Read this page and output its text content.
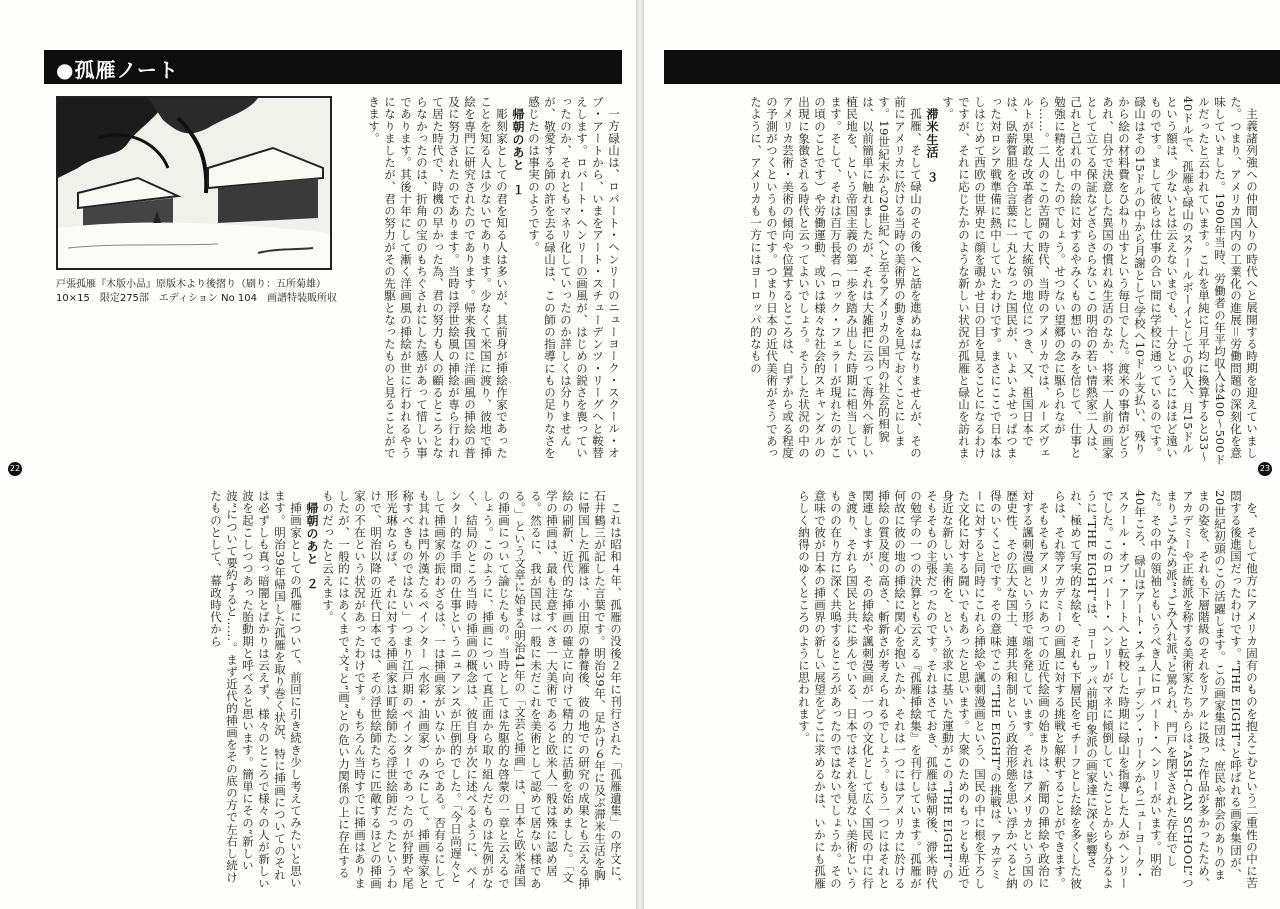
●孤雁ノート
戸張孤雁『木版小品』原版木より後摺り（刷り：五所菊雄）
10×15　限定275部　エディション No 104　画譜特装販所収	一方碌山は、ロバート・ヘンリーのニューヨーク・スクール・オブ・アートから、いまをアート・スチューデンツ・リーグへと鞍替えします。ロバート・ヘンリーの画風が、はじめの鋭さを喪っていったのか、それともマネリ化していったのか詳しくは分りませんが、敬愛する師の許を去る碌山は、この師の指導にもの足りなさを感じたのは事実のようです。

帰朝のあと　１

彫刻家としての君を知る人は多いが、其前身が挿絵作家であったことを知る人は少ないであります。少なくて米国に渡り、彼地で挿絵を専門に研究されたのであります。帰来我国に洋画風の挿絵の普及に努力されたのであります。当時は浮世絵風の挿絵が専ら行われて居た時代で、時機の早かった為、君の努力も人の顧るところとならなかったのは、折角の宝のもちぐされにした感があって惜しい事であります。其後十年にして漸く洋画風の挿絵が世に行われるやうになりましたが、君の努力がその先駆となったものと見ることができます。

22

これは昭和４年、孤雁の没後２年に刊行された「孤雁遺集」の序文に、石井鶴三が記した言葉です。明治39年、足かけ６年に及ぶ滞米生活を胸に帰国した孤雁は、小田原の静養後、彼の地での研究の成果とも云える挿絵の刷新、近代的な挿画の確立に向けて精力的に活動を始めました。「文学の挿画は、最も注意すべき一大美術であると欧米人一般は殊に認め居る。然るに、我が国民は一般に未だこれを美術として認めて居ない様である。」という文章に始まる明治41年の「文芸と挿画」は、日本と欧米諸国の挿画について論じたもの。当時としては先駆的な啓蒙の一章と云えるでしょう。このように、挿画について真正面から取り組んだものは先例がなく、結局のところ当時の挿画の概念は、彼自身が次に述べるように、ペインター的な手間の仕事というニュアンスが圧倒的でした。「今日尚遅々として挿画家の振わざるは、一は挿画家がいないからである。否有るにしても其れは門外漢たるペインター（水彩・油画家）のみにして、挿画専家と称すべきものではない」つまり江戸期のペインターであったのが狩野や尾形光琳ならば、それに対する挿画家は町絵師たる浮世絵師だったというわけで、明治以降の近代日本では、その浮世絵師たちに匹敵するほどの挿画家の不在という状況があったわけです。もちろん当時すでに挿画はありましたが、一般的にはあくまで“文”と“画”との危い力関係の上に存在するものだったと云えます。

帰朝のあと　２

挿画家としての孤雁について、前回に引き続き少し考えてみたいと思います。明治39年帰国した孤雁を取り巻く状況、特に挿画についてのそれは必ずしも真っ暗闇とばかりは云えず、様々のところで様々の人が新しい波を起こしつつあった胎動期と呼べると思います。簡単にその“新しい波”について要約すると……。まず近代的挿画をその底の方で左右し続けたものとして、幕政時代から

主義諸列強への仲間入りの時代へと展開する時期を迎えていました。つまり、アメリカ国内の工業化の進展＝労働問題の深刻化を意味していました。1900年当時、労働者の年平均収入は400〜500ドルだったと云われています。これを単純に月平均に換算すると33〜40ドルで、孤雁や碌山のスクールボーイとしての収入、月15ドルという額は、少ないとは云えないまでも、十分というにはほど遠いものです。まして彼らは仕事の合い間に学校に通っているのです。碌山はその15ドルの中から月謝として学校へ10ドル支払い、残りから絵の材料費をひねり出すという毎日でした。渡米の事情がどうあれ、自分で決意した異国の慣れぬ生活のなか、将来一人前の画家として立てる保証などさらさらないこの明治の若い情熱家二人は、己れと己れの中の絵に対するやみくもの想いのみを信じて、仕事と勉強に精を出したのでしょう。せつない望郷の念に駆られながら……。二人のこの苦闘の時代、当時のアメリカでは、ルーズヴェルトが果敢な改革者として大統領の地位につき、又、祖国日本では、臥薪嘗胆を合言葉に一丸となった国民が、いよいよせっぱつまった対ロシア戦準備に熱中していたわけです。まさにここで日本はしはじめて西欧の世界史に顔を覗かせ日の目を見ることになるわけですが、それに応じたかのような新しい状況が孤雁と碌山を訪れます。

滞米生活　３

孤雁、そして碌山のその後へと話を進めねばなりませんが、その前にアメリカに於ける当時の美術界の動きを見ておくことにします。19世紀末から20世紀へと至るアメリカの国内の社会的相貌は、以前簡単に触れましたが、それは大雑把に云って海外へ新しい植民地を、という帝国主義の第一歩を踏み出した時期に相当しています。そして、それは百万長者（ロック・フェラーが現れたのがこの頃のことです）や労働運動、或いは様々な社会的スキャンダルの出現に象徴される時代と云ってよいでしょう。そうした状況の中のアメリカ芸術・美術の傾向や位置するところは、自ずから或る程度の予測がつくというものです。つまり日本の近代美術がそうであったように、アメリカも一方にはヨーロッパ的なもの

23

を、そして他方にアメリカ固有のものを抱えこむという二重性の中に苦悶する後進国だったわけです。“THE EIGHT”と呼ばれる画家集団が、20世紀初頭のこの活躍します。この画家集団は、庶民や都会のありのままの姿を、それも下層階級のそれをリアルに扱った作品が多かったため、アカデミーや正統派を称する美術家たちからは“ASH-CAN SCHOOL”つまり“ごみため派”“ごみ入れ派”と罵られ、門戸を閉ざされた存在でした。その中の領袖ともいうべき人にロバート・ヘンリーがいます。明治40年ころ、碌山はアート・スチューデンツ・リーグからニューヨーク・スクール・オブ・アートへと転校した時期に碌山を指導した人がヘンリーでした。このロバート・ヘンリーがマネに傾倒していたことからも分るように“THE EIGHT”は、ヨーロッパ前期印象派の画家達に深く影響され、極めて写実的な絵を、それも下層民をモチーフとした絵を多くした彼らは、それ等アカデミーの画風に対する挑戦と解釈することができます。

そもそもアメリカにあっての近代絵画の始まりは、新聞の挿絵や政治に対する諷刺漫画という形で端を発しています。それはアメリカという国の歴史性、その広大な国土、連邦共和制という政治形態を思い浮かべると納得のいくことです。その意味でこの“THE EIGHT”の挑戦は、アカデミーに対すると同時にこれら挿絵や諷刺漫画という、国民の中に根を下ろした文化に対する闘いでもあったと思います。大衆のためのもっとも卑近で身近な新しい美術を、という欲求に基いた運動がこの“THE EIGHT”のそもそもの主張だったのです。それはさておき、孤雁は帰朝後、滞米時代の勉学の一つの決算とも云える『孤雁挿絵集』を刊行しています。孤雁が何故に彼の地の挿絵に関心を抱いたか、それは一つにはアメリカに於ける挿絵の質及度の高さ、斬新さが考えられるでしょう。もう一つにはそれと関連しますが、その挿絵や諷刺漫画が一つの文化として広く国民の中に行き渡り、それら国民と共に歩んでいる、日本ではそれを見ない美術というものの在り方に深く共鳴するところがあったのではないでしょうか。その意味で彼が日本の挿画界の新しい展望をどこに求めるかは、いかにも孤雁らしく納得のゆくところのように思われます。
